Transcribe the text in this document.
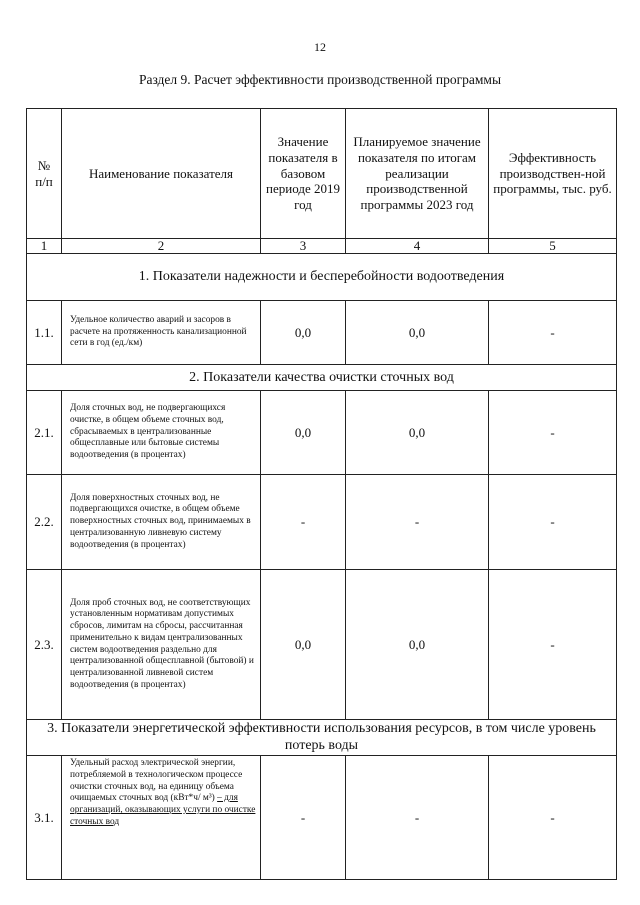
12
Раздел 9. Расчет эффективности производственной программы
№ п/п	Наименование показателя	Значение показателя в базовом периоде 2019 год	Планируемое значение показателя по итогам реализации производственной программы 2023 год	Эффективность производствен-ной программы, тыс. руб.
1	2	3	4	5
1. Показатели надежности и бесперебойности водоотведения				
1.1.	Удельное количество аварий и засоров в расчете на протяженность канализационной сети в год (ед./км)	0,0	0,0	-
2. Показатели качества очистки сточных вод				
2.1.	Доля сточных вод, не подвергающихся очистке, в общем объеме сточных вод, сбрасываемых в централизованные общесплавные или бытовые системы водоотведения (в процентах)	0,0	0,0	-
2.2.	Доля поверхностных сточных вод, не подвергающихся очистке, в общем объеме поверхностных сточных вод, принимаемых в централизованную ливневую систему водоотведения (в процентах)	-	-	-
2.3.	Доля проб сточных вод, не соответствующих установленным нормативам допустимых сбросов, лимитам на сбросы, рассчитанная применительно к видам централизованных систем водоотведения раздельно для централизованной общесплавной (бытовой) и централизованной ливневой систем водоотведения (в процентах)	0,0	0,0	-
3. Показатели энергетической эффективности использования ресурсов, в том числе уровень потерь воды				
3.1.	Удельный расход электрической энергии, потребляемой в технологическом процессе очистки сточных вод, на единицу объема очищаемых сточных вод (кВт*ч/ м³) – для организаций, оказывающих услуги по очистке сточных вод	-	-	-
